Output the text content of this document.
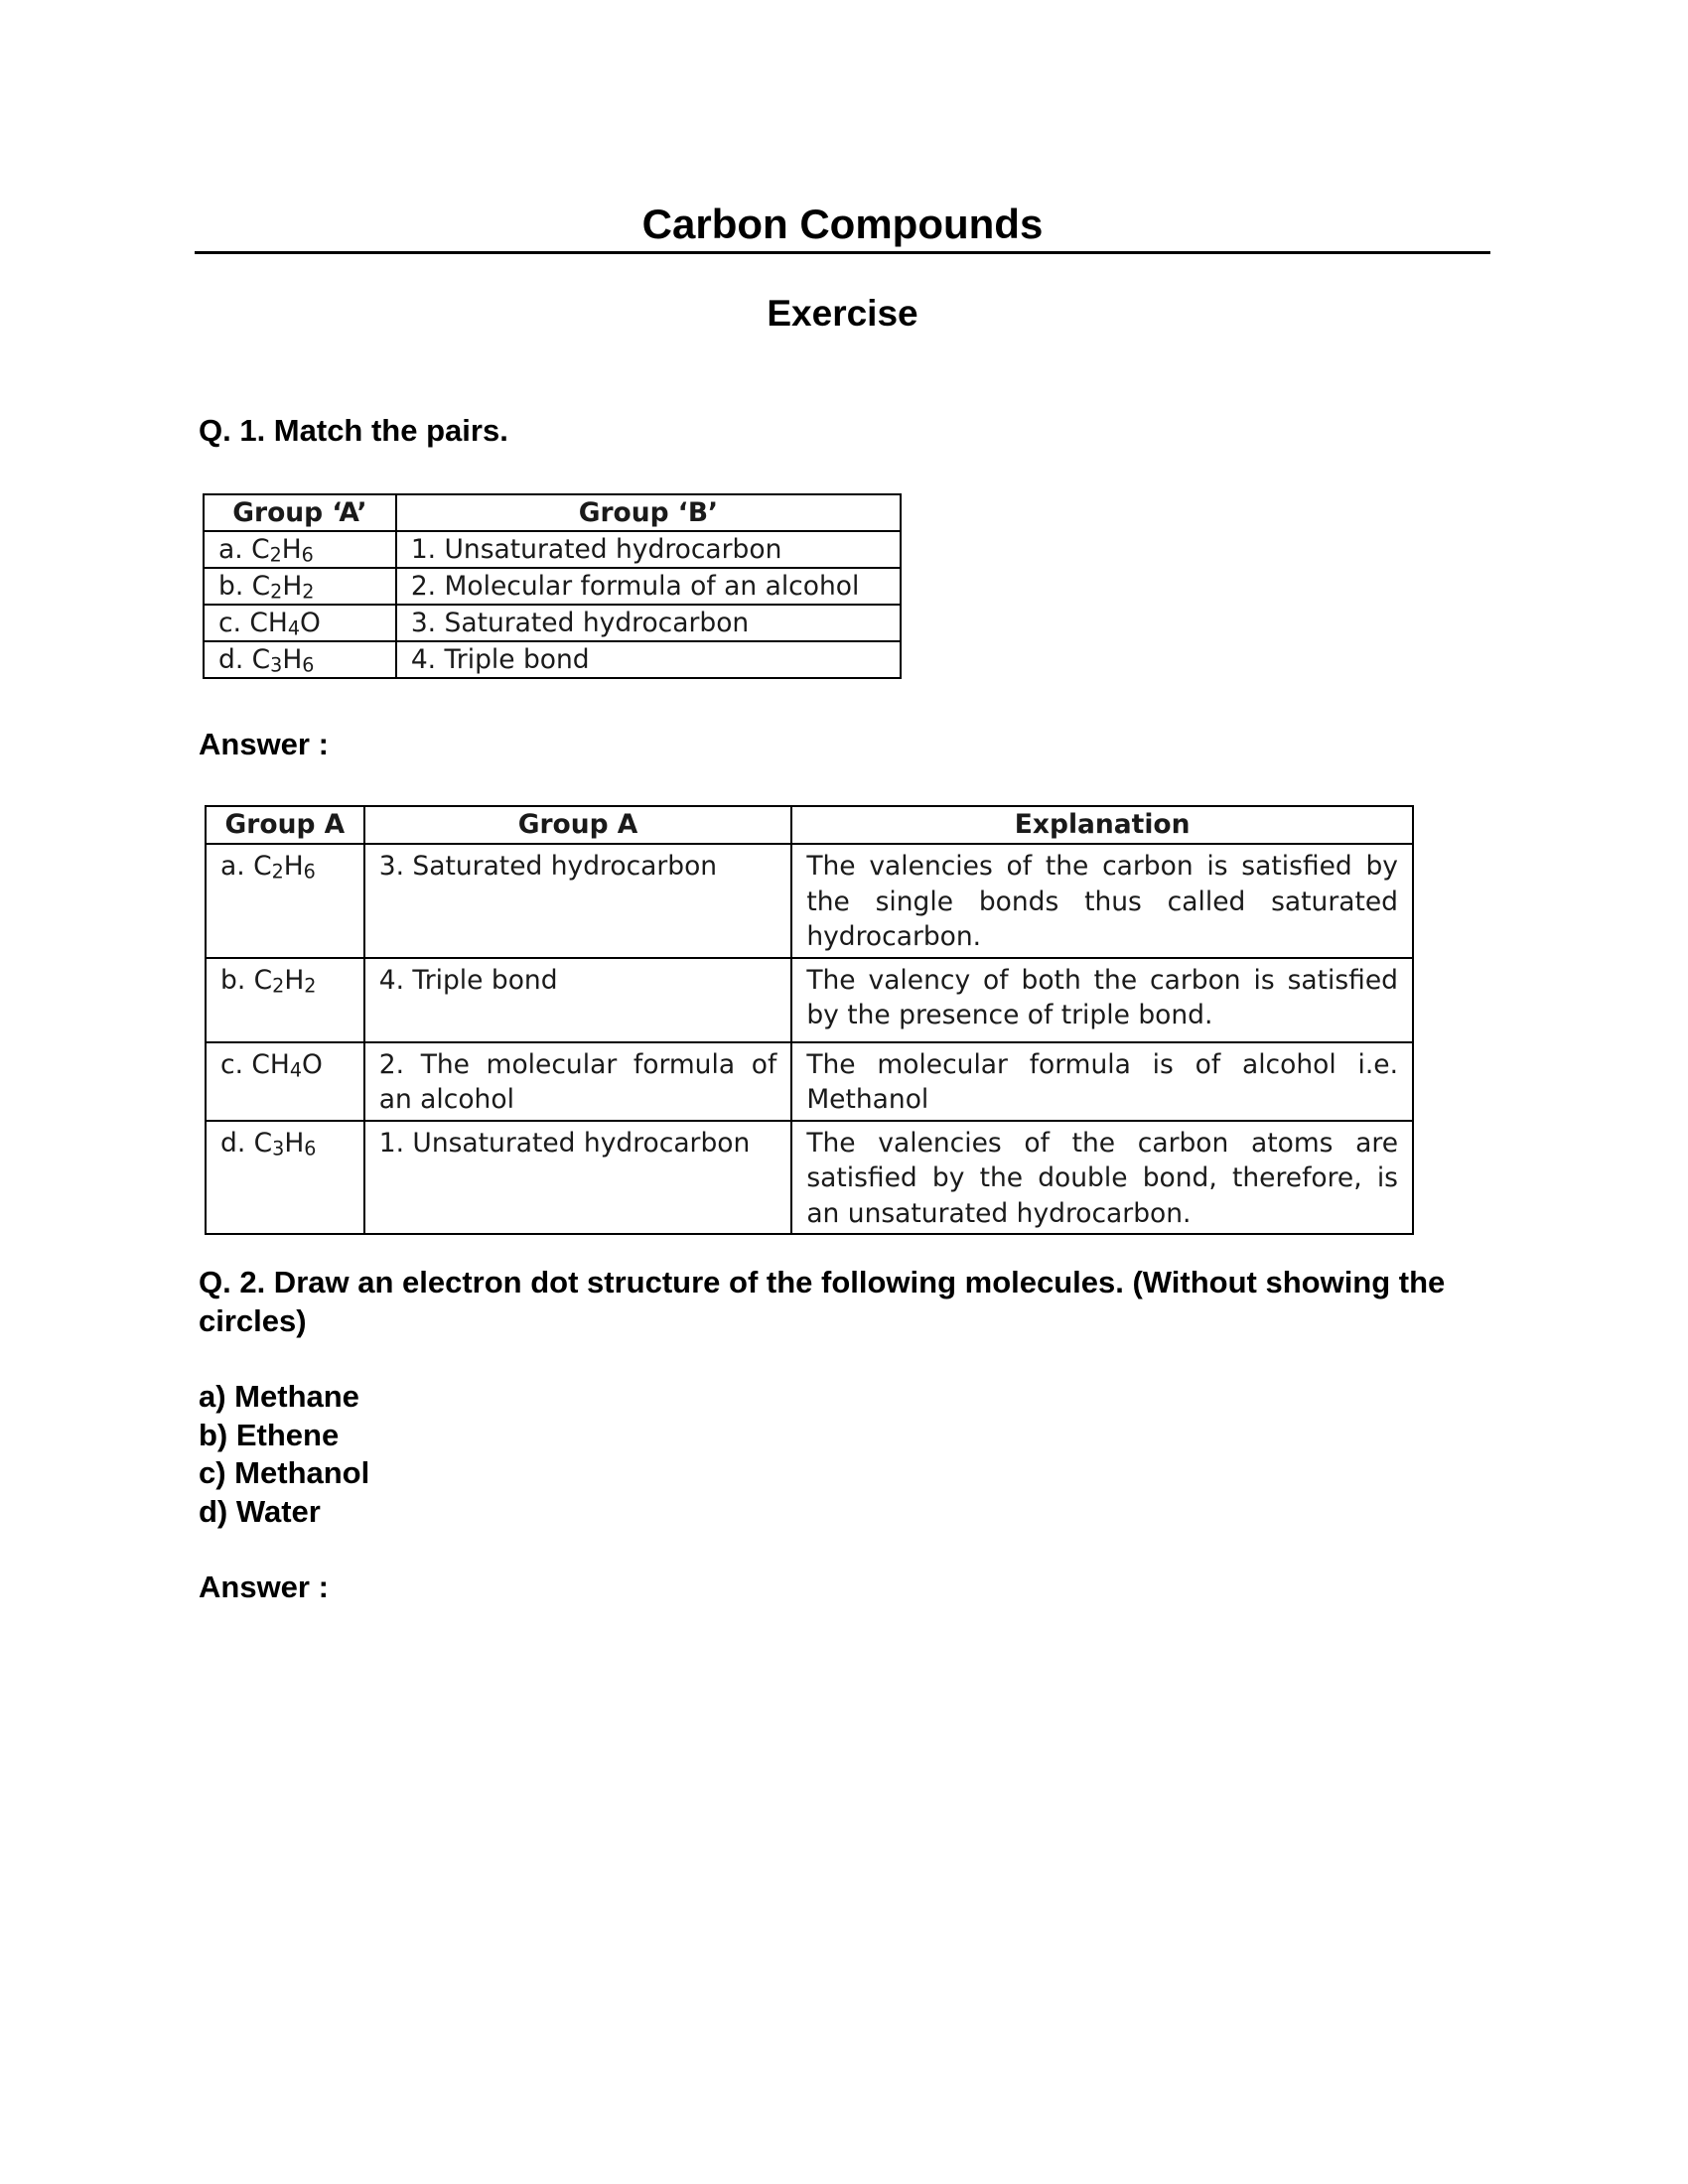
Carbon Compounds
Exercise
Q. 1. Match the pairs.
Group ‘A’	Group ‘B’
a. $C_2H_6$	1. Unsaturated hydrocarbon
b. $C_2H_2$	2. Molecular formula of an alcohol
c. $CH_4O$	3. Saturated hydrocarbon
d. $C_3H_6$	4. Triple bond
Answer :
Group A	Group A	Explanation
a. $C_2H_6$	3. Saturated hydrocarbon	The valencies of the carbon is satisfied by the single bonds thus called saturated hydrocarbon.
b. $C_2H_2$	4. Triple bond	The valency of both the carbon is satisfied by the presence of triple bond.
c. $CH_4O$	2. The molecular formula of an alcohol	The molecular formula is of alcohol i.e. Methanol
d. $C_3H_6$	1. Unsaturated hydrocarbon	The valencies of the carbon atoms are satisfied by the double bond, therefore, is an unsaturated hydrocarbon.
Q. 2. Draw an electron dot structure of the following molecules. (Without showing the circles)
a) Methane
b) Ethene
c) Methanol
d) Water
Answer :
